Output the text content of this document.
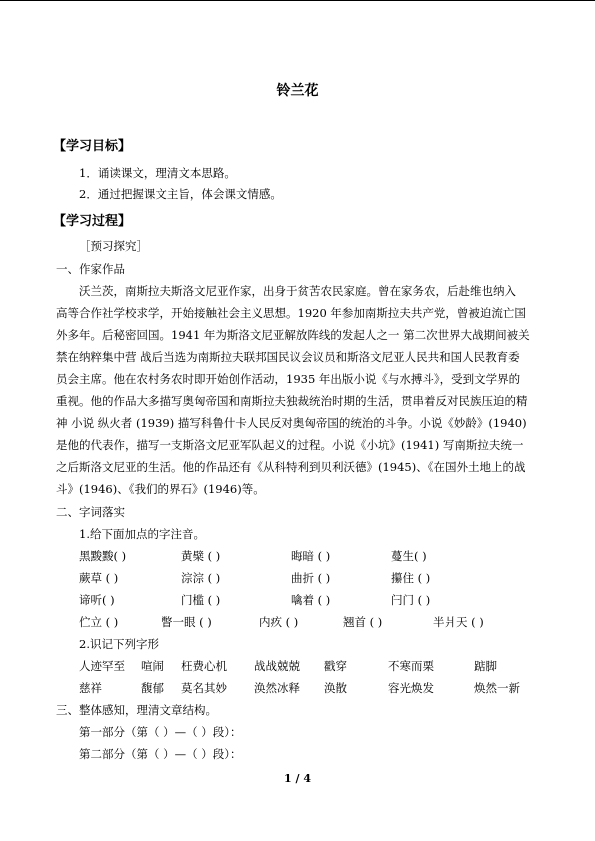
铃兰花
【学习目标】
1．诵读课文，理清文本思路。
2．通过把握课文主旨，体会课文情感。
【学习过程】
［预习探究］
一、作家作品
沃兰茨，南斯拉夫斯洛文尼亚作家，出身于贫苦农民家庭。曾在家务农，后赴维也纳入
高等合作社学校求学，开始接触社会主义思想。1920 年参加南斯拉夫共产党，曾被迫流亡国
外多年。后秘密回国。1941 年为斯洛文尼亚解放阵线的发起人之一 第二次世界大战期间被关
禁在纳粹集中营 战后当选为南斯拉夫联邦国民议会议员和斯洛文尼亚人民共和国人民教育委
员会主席。他在农村务农时即开始创作活动，1935 年出版小说《与水搏斗》，受到文学界的
重视。他的作品大多描写奥匈帝国和南斯拉夫独裁统治时期的生活，贯串着反对民族压迫的精
神 小说 纵火者 (1939) 描写科鲁什卡人民反对奥匈帝国的统治的斗争。小说《妙龄》(1940)
是他的代表作，描写一支斯洛文尼亚军队起义的过程。小说《小坑》(1941) 写南斯拉夫统一
之后斯洛文尼亚的生活。他的作品还有《从科特利到贝利沃德》(1945)、《在国外土地上的战
斗》(1946)、《我们的界石》(1946)等。
二、字词落实
1.给下面加点的字注音。
黑黢黢( )	黄檗 ( )	晦暗 ( )	蔓生( )
蕨草 ( )	淙淙 ( )	曲折 ( )	攥住 ( )
谛听( )	门槛 ( )	噙着 ( )	闩门 ( )
伫立 ( )	瞥一眼 ( )	内疚 ( )	翘首 ( )	半爿天 ( )
2.识记下列字形
人迹罕至 喧闹 枉费心机 战战兢兢 戳穿	不寒而栗	踮脚
慈祥	馥郁 莫名其妙 涣然冰释 涣散	容光焕发	焕然一新
三、整体感知，理清文章结构。
第一部分（第（ ）—（ ）段）：
第二部分（第（ ）—（ ）段）：
1 / 4
